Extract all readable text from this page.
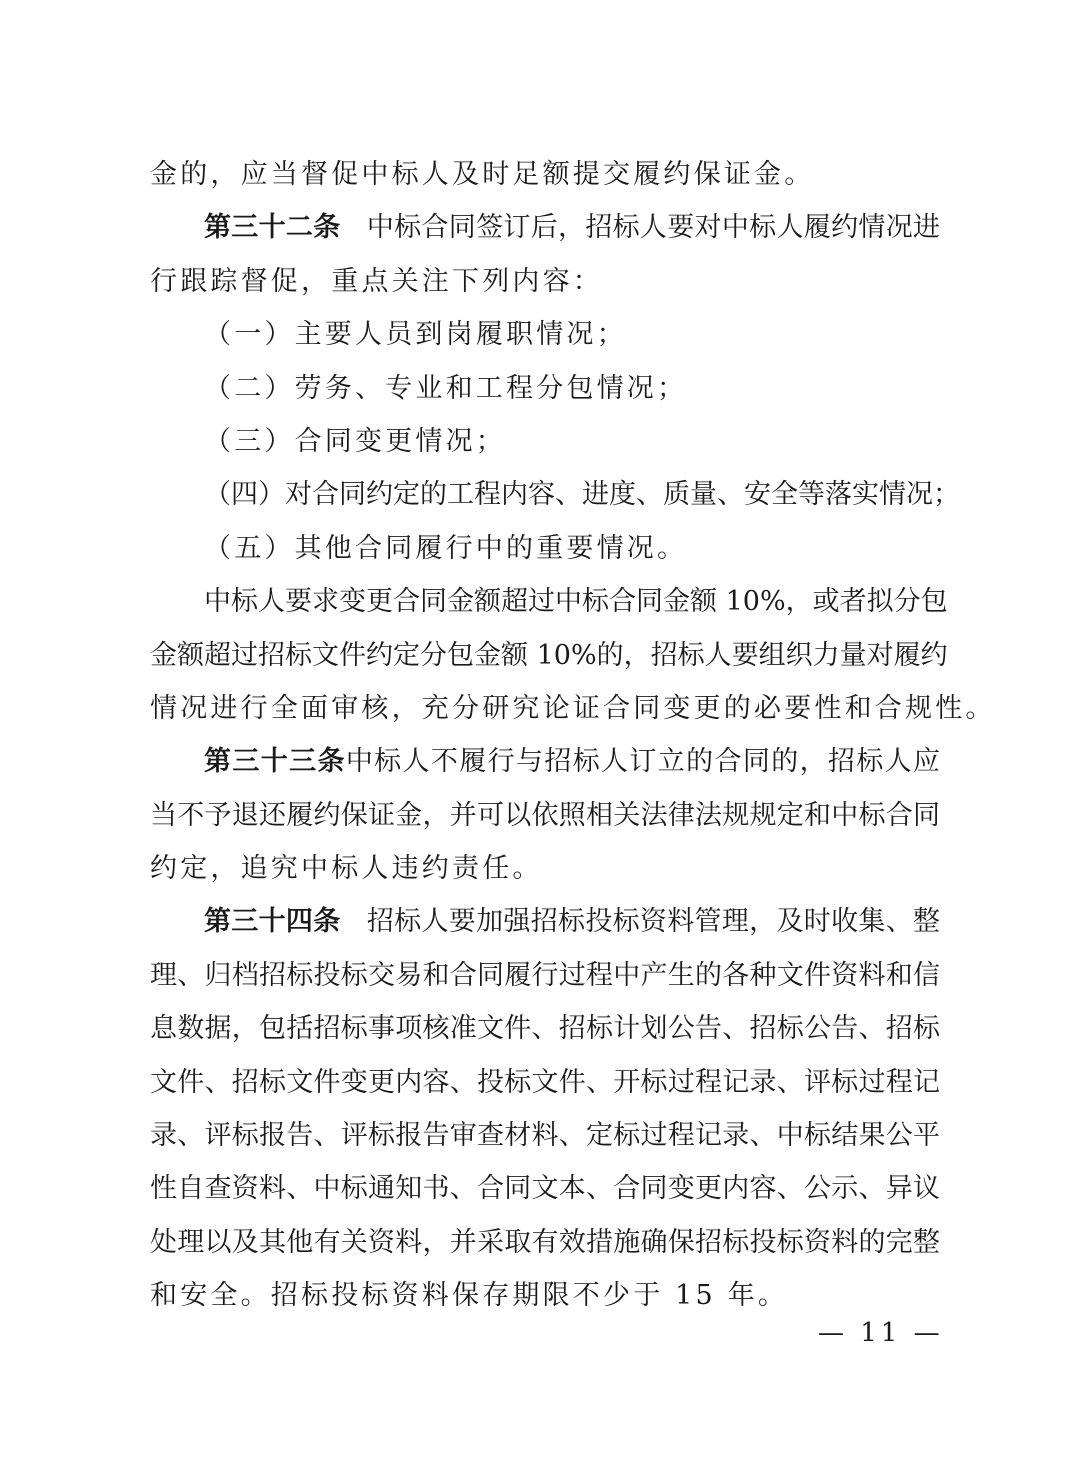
金的，应当督促中标人及时足额提交履约保证金。
第三十二条 中标合同签订后，招标人要对中标人履约情况进
行跟踪督促，重点关注下列内容：
（一）主要人员到岗履职情况；
（二）劳务、专业和工程分包情况；
（三）合同变更情况；
（四）对合同约定的工程内容、进度、质量、安全等落实情况；
（五）其他合同履行中的重要情况。
中标人要求变更合同金额超过中标合同金额 10%，或者拟分包
金额超过招标文件约定分包金额 10%的，招标人要组织力量对履约
情况进行全面审核，充分研究论证合同变更的必要性和合规性。
第三十三条中标人不履行与招标人订立的合同的，招标人应
当不予退还履约保证金，并可以依照相关法律法规规定和中标合同
约定，追究中标人违约责任。
第三十四条 招标人要加强招标投标资料管理，及时收集、整
理、归档招标投标交易和合同履行过程中产生的各种文件资料和信
息数据，包括招标事项核准文件、招标计划公告、招标公告、招标
文件、招标文件变更内容、投标文件、开标过程记录、评标过程记
录、评标报告、评标报告审查材料、定标过程记录、中标结果公平
性自查资料、中标通知书、合同文本、合同变更内容、公示、异议
处理以及其他有关资料，并采取有效措施确保招标投标资料的完整
和安全。招标投标资料保存期限不少于 15 年。
— 11 —
